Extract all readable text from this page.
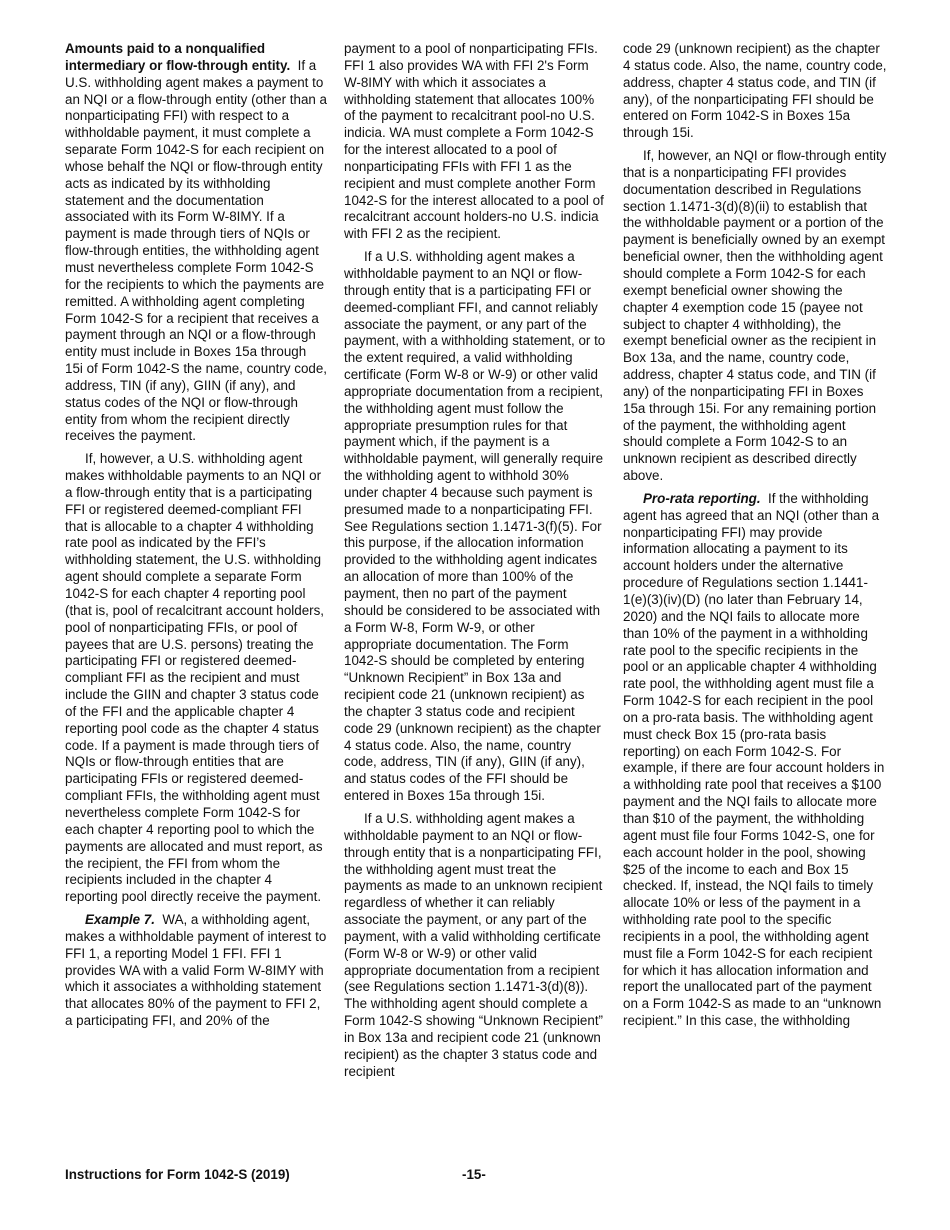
Amounts paid to a nonqualified intermediary or flow-through entity. If a U.S. withholding agent makes a payment to an NQI or a flow-through entity (other than a nonparticipating FFI) with respect to a withholdable payment, it must complete a separate Form 1042-S for each recipient on whose behalf the NQI or flow-through entity acts as indicated by its withholding statement and the documentation associated with its Form W-8IMY. If a payment is made through tiers of NQIs or flow-through entities, the withholding agent must nevertheless complete Form 1042-S for the recipients to which the payments are remitted. A withholding agent completing Form 1042-S for a recipient that receives a payment through an NQI or a flow-through entity must include in Boxes 15a through 15i of Form 1042-S the name, country code, address, TIN (if any), GIIN (if any), and status codes of the NQI or flow-through entity from whom the recipient directly receives the payment.

If, however, a U.S. withholding agent makes withholdable payments to an NQI or a flow-through entity that is a participating FFI or registered deemed-compliant FFI that is allocable to a chapter 4 withholding rate pool as indicated by the FFI’s withholding statement, the U.S. withholding agent should complete a separate Form 1042-S for each chapter 4 reporting pool (that is, pool of recalcitrant account holders, pool of nonparticipating FFIs, or pool of payees that are U.S. persons) treating the participating FFI or registered deemed-compliant FFI as the recipient and must include the GIIN and chapter 3 status code of the FFI and the applicable chapter 4 reporting pool code as the chapter 4 status code. If a payment is made through tiers of NQIs or flow-through entities that are participating FFIs or registered deemed-compliant FFIs, the withholding agent must nevertheless complete Form 1042-S for each chapter 4 reporting pool to which the payments are allocated and must report, as the recipient, the FFI from whom the recipients included in the chapter 4 reporting pool directly receive the payment.

Example 7. WA, a withholding agent, makes a withholdable payment of interest to FFI 1, a reporting Model 1 FFI. FFI 1 provides WA with a valid Form W-8IMY with which it associates a withholding statement that allocates 80% of the payment to FFI 2, a participating FFI, and 20% of the

payment to a pool of nonparticipating FFIs. FFI 1 also provides WA with FFI 2's Form W-8IMY with which it associates a withholding statement that allocates 100% of the payment to recalcitrant pool-no U.S. indicia. WA must complete a Form 1042-S for the interest allocated to a pool of nonparticipating FFIs with FFI 1 as the recipient and must complete another Form 1042-S for the interest allocated to a pool of recalcitrant account holders-no U.S. indicia with FFI 2 as the recipient.

If a U.S. withholding agent makes a withholdable payment to an NQI or flow-through entity that is a participating FFI or deemed-compliant FFI, and cannot reliably associate the payment, or any part of the payment, with a withholding statement, or to the extent required, a valid withholding certificate (Form W-8 or W-9) or other valid appropriate documentation from a recipient, the withholding agent must follow the appropriate presumption rules for that payment which, if the payment is a withholdable payment, will generally require the withholding agent to withhold 30% under chapter 4 because such payment is presumed made to a nonparticipating FFI. See Regulations section 1.1471-3(f)(5). For this purpose, if the allocation information provided to the withholding agent indicates an allocation of more than 100% of the payment, then no part of the payment should be considered to be associated with a Form W-8, Form W-9, or other appropriate documentation. The Form 1042-S should be completed by entering “Unknown Recipient” in Box 13a and recipient code 21 (unknown recipient) as the chapter 3 status code and recipient code 29 (unknown recipient) as the chapter 4 status code. Also, the name, country code, address, TIN (if any), GIIN (if any), and status codes of the FFI should be entered in Boxes 15a through 15i.

If a U.S. withholding agent makes a withholdable payment to an NQI or flow-through entity that is a nonparticipating FFI, the withholding agent must treat the payments as made to an unknown recipient regardless of whether it can reliably associate the payment, or any part of the payment, with a valid withholding certificate (Form W-8 or W-9) or other valid appropriate documentation from a recipient (see Regulations section 1.1471-3(d)(8)). The withholding agent should complete a Form 1042-S showing “Unknown Recipient” in Box 13a and recipient code 21 (unknown recipient) as the chapter 3 status code and recipient

code 29 (unknown recipient) as the chapter 4 status code. Also, the name, country code, address, chapter 4 status code, and TIN (if any), of the nonparticipating FFI should be entered on Form 1042-S in Boxes 15a through 15i.

If, however, an NQI or flow-through entity that is a nonparticipating FFI provides documentation described in Regulations section 1.1471-3(d)(8)(ii) to establish that the withholdable payment or a portion of the payment is beneficially owned by an exempt beneficial owner, then the withholding agent should complete a Form 1042-S for each exempt beneficial owner showing the chapter 4 exemption code 15 (payee not subject to chapter 4 withholding), the exempt beneficial owner as the recipient in Box 13a, and the name, country code, address, chapter 4 status code, and TIN (if any) of the nonparticipating FFI in Boxes 15a through 15i. For any remaining portion of the payment, the withholding agent should complete a Form 1042-S to an unknown recipient as described directly above.

Pro-rata reporting. If the withholding agent has agreed that an NQI (other than a nonparticipating FFI) may provide information allocating a payment to its account holders under the alternative procedure of Regulations section 1.1441-1(e)(3)(iv)(D) (no later than February 14, 2020) and the NQI fails to allocate more than 10% of the payment in a withholding rate pool to the specific recipients in the pool or an applicable chapter 4 withholding rate pool, the withholding agent must file a Form 1042-S for each recipient in the pool on a pro-rata basis. The withholding agent must check Box 15 (pro-rata basis reporting) on each Form 1042-S. For example, if there are four account holders in a withholding rate pool that receives a $100 payment and the NQI fails to allocate more than $10 of the payment, the withholding agent must file four Forms 1042-S, one for each account holder in the pool, showing $25 of the income to each and Box 15 checked. If, instead, the NQI fails to timely allocate 10% or less of the payment in a withholding rate pool to the specific recipients in a pool, the withholding agent must file a Form 1042-S for each recipient for which it has allocation information and report the unallocated part of the payment on a Form 1042-S as made to an “unknown recipient.” In this case, the withholding

Instructions for Form 1042-S (2019)	-15-
